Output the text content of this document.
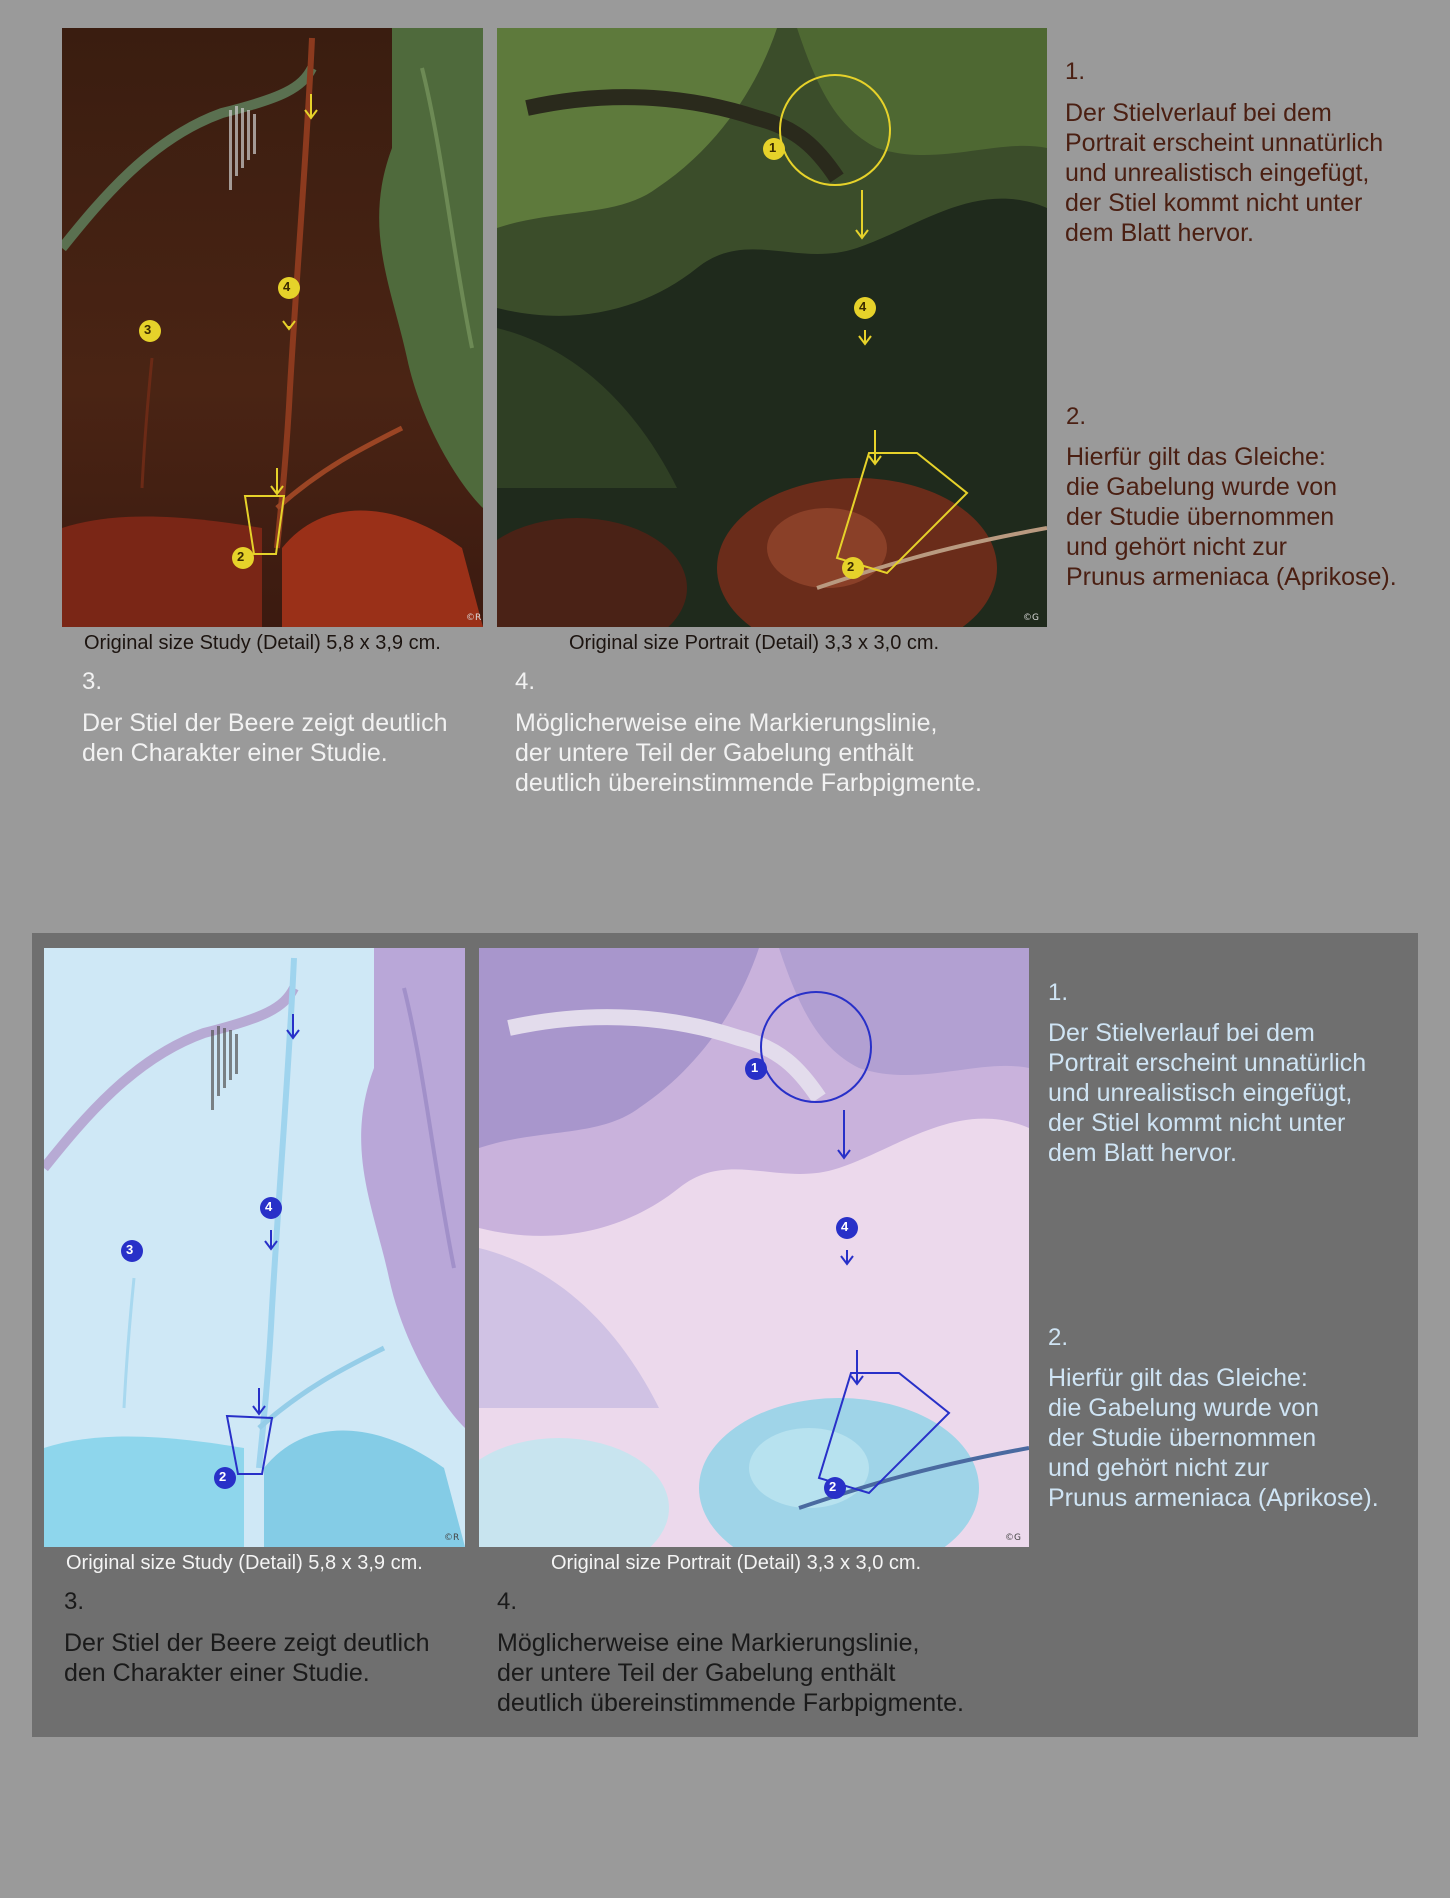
4
3
2
©R
1
4
2
©G
Original size Study (Detail) 5,8 x 3,9 cm.	Original size Portrait (Detail) 3,3 x 3,0 cm.
1.
Der Stielverlauf bei dem
Portrait erscheint unnatürlich
und unrealistisch eingefügt,
der Stiel kommt nicht unter
dem Blatt hervor.
2.
Hierfür gilt das Gleiche:
die Gabelung wurde von
der Studie übernommen
und gehört nicht zur
Prunus armeniaca (Aprikose).
3.
Der Stiel der Beere zeigt deutlich
den Charakter einer Studie.
4.
Möglicherweise eine Markierungslinie,
der untere Teil der Gabelung enthält
deutlich übereinstimmende Farbpigmente.
4
3
2
©R
1
4
2
©G
Original size Study (Detail) 5,8 x 3,9 cm.	Original size Portrait (Detail) 3,3 x 3,0 cm.
1.
Der Stielverlauf bei dem
Portrait erscheint unnatürlich
und unrealistisch eingefügt,
der Stiel kommt nicht unter
dem Blatt hervor.
2.
Hierfür gilt das Gleiche:
die Gabelung wurde von
der Studie übernommen
und gehört nicht zur
Prunus armeniaca (Aprikose).
3.
Der Stiel der Beere zeigt deutlich
den Charakter einer Studie.
4.
Möglicherweise eine Markierungslinie,
der untere Teil der Gabelung enthält
deutlich übereinstimmende Farbpigmente.
